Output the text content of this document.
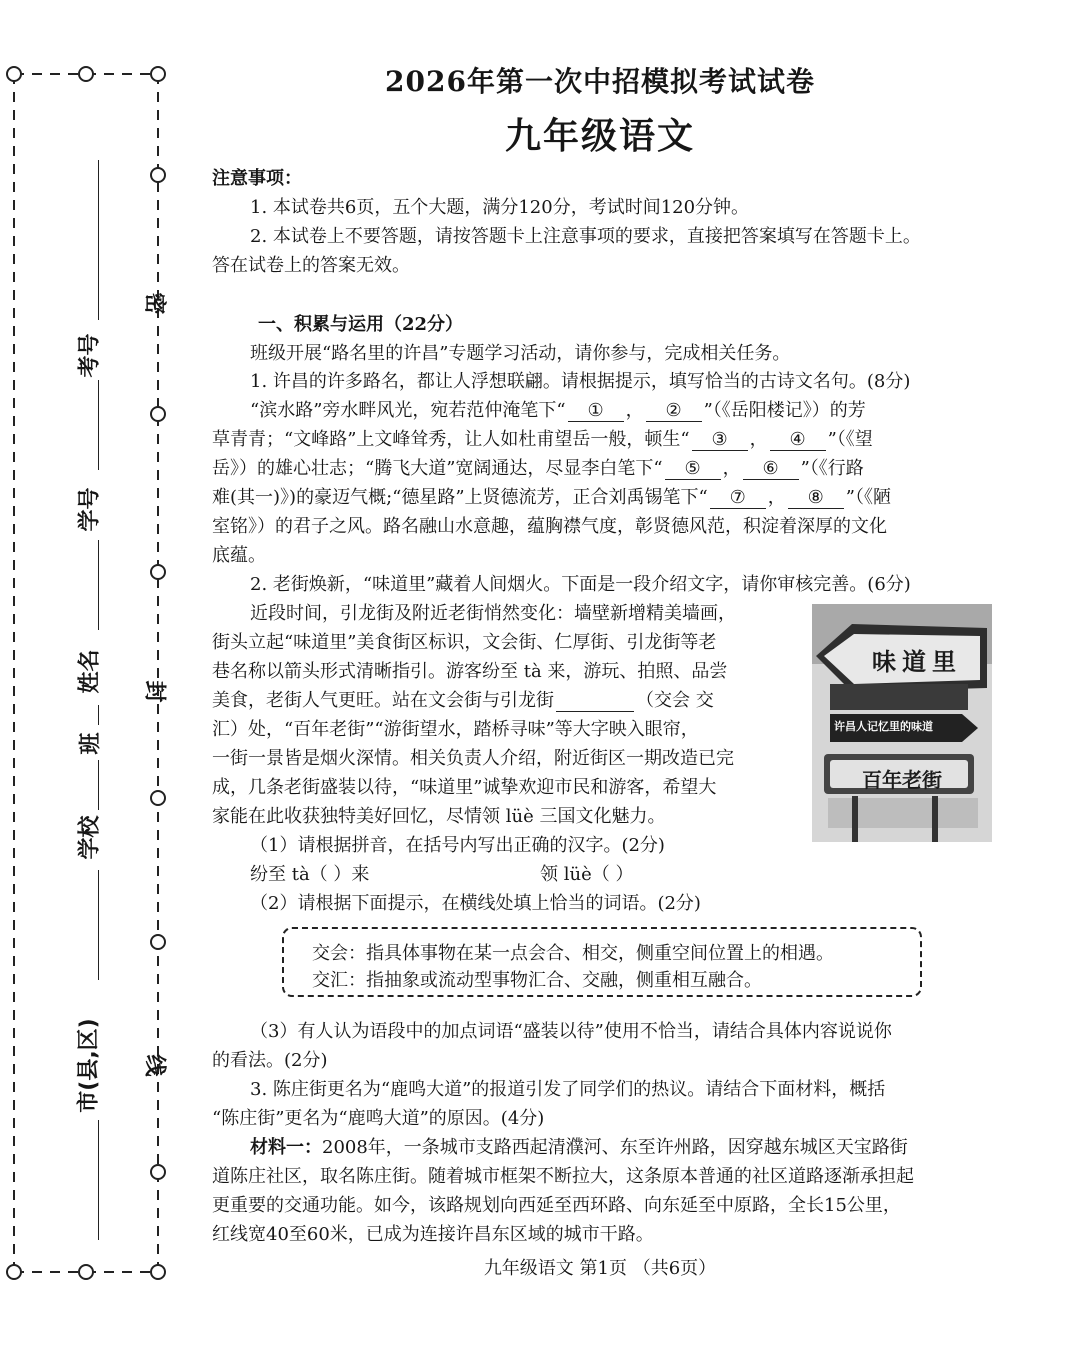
密
封
线
考号
学号
姓名
班
学校
市(县,区)
2026年第一次中招模拟考试试卷
九年级语文
注意事项：
1. 本试卷共6页，五个大题，满分120分，考试时间120分钟。
2. 本试卷上不要答题，请按答题卡上注意事项的要求，直接把答案填写在答题卡上。
答在试卷上的答案无效。
一、积累与运用（22分）
班级开展“路名里的许昌”专题学习活动，请你参与，完成相关任务。
1. 许昌的许多路名，都让人浮想联翩。请根据提示，填写恰当的古诗文名句。(8分)
“滨水路”旁水畔风光，宛若范仲淹笔下“ ① ， ② ”（《岳阳楼记》）的芳
草青青；“文峰路”上文峰耸秀，让人如杜甫望岳一般，顿生“ ③ ， ④ ”（《望
岳》）的雄心壮志；“腾飞大道”宽阔通达，尽显李白笔下“ ⑤ ， ⑥ ”（《行路
难(其一)》)的豪迈气概;“德星路”上贤德流芳，正合刘禹锡笔下“ ⑦ ， ⑧ ”（《陋
室铭》）的君子之风。路名融山水意趣，蕴胸襟气度，彰贤德风范，积淀着深厚的文化
底蕴。
2. 老街焕新，“味道里”藏着人间烟火。下面是一段介绍文字，请你审核完善。(6分)
近段时间，引龙街及附近老街悄然变化：墙壁新增精美墙画，
街头立起“味道里”美食街区标识，文会街、仁厚街、引龙街等老
巷名称以箭头形式清晰指引。游客纷至 tà 来，游玩、拍照、品尝
美食，老街人气更旺。站在文会街与引龙街	（交会 交
汇）处，“百年老街”“游街望水，踏桥寻味”等大字映入眼帘，
一街一景皆是烟火深情。相关负责人介绍，附近街区一期改造已完
成，几条老街盛装以待，“味道里”诚挚欢迎市民和游客，希望大
家能在此收获独特美好回忆，尽情领 lüè 三国文化魅力。
味道里
许昌人记忆里的味道
百年老街
（1）请根据拼音，在括号内写出正确的汉字。(2分)
纷至 tà（ ）来	领 lüè（ ）
（2）请根据下面提示，在横线处填上恰当的词语。(2分)
交会：指具体事物在某一点会合、相交，侧重空间位置上的相遇。
交汇：指抽象或流动型事物汇合、交融，侧重相互融合。
（3）有人认为语段中的加点词语“盛装以待”使用不恰当，请结合具体内容说说你
的看法。(2分)
3. 陈庄街更名为“鹿鸣大道”的报道引发了同学们的热议。请结合下面材料，概括
“陈庄街”更名为“鹿鸣大道”的原因。(4分)
材料一：2008年，一条城市支路西起清濮河、东至许州路，因穿越东城区天宝路街
道陈庄社区，取名陈庄街。随着城市框架不断拉大，这条原本普通的社区道路逐渐承担起
更重要的交通功能。如今，该路规划向西延至西环路、向东延至中原路，全长15公里，
红线宽40至60米，已成为连接许昌东区域的城市干路。
九年级语文 第1页 （共6页）
